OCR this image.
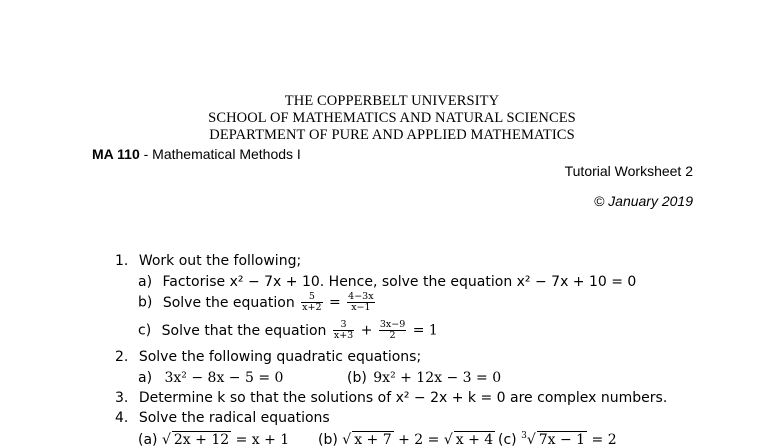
THE COPPERBELT UNIVERSITY
SCHOOL OF MATHEMATICS AND NATURAL SCIENCES
DEPARTMENT OF PURE AND APPLIED MATHEMATICS
MA 110 - Mathematical Methods I
Tutorial Worksheet 2
© January 2019
1. Work out the following;
a) Factorise x² − 7x + 10. Hence, solve the equation x² − 7x + 10 = 0
b) Solve the equation $\frac{5}{x+2} = \frac{4-3x}{x-1}$
c) Solve that the equation $\frac{3}{x+3} + \frac{3x-9}{2} = 1$
2. Solve the following quadratic equations;
a) 3x² − 8x − 5 = 0	(b) 9x² + 12x − 3 = 0
3. Determine k so that the solutions of x² − 2x + k = 0 are complex numbers.
4. Solve the radical equations
(a) √ 2x + 12 = x + 1 (b) √ x + 7 + 2 = √ x + 4 (c) $^3$√ 7x − 1 = 2
